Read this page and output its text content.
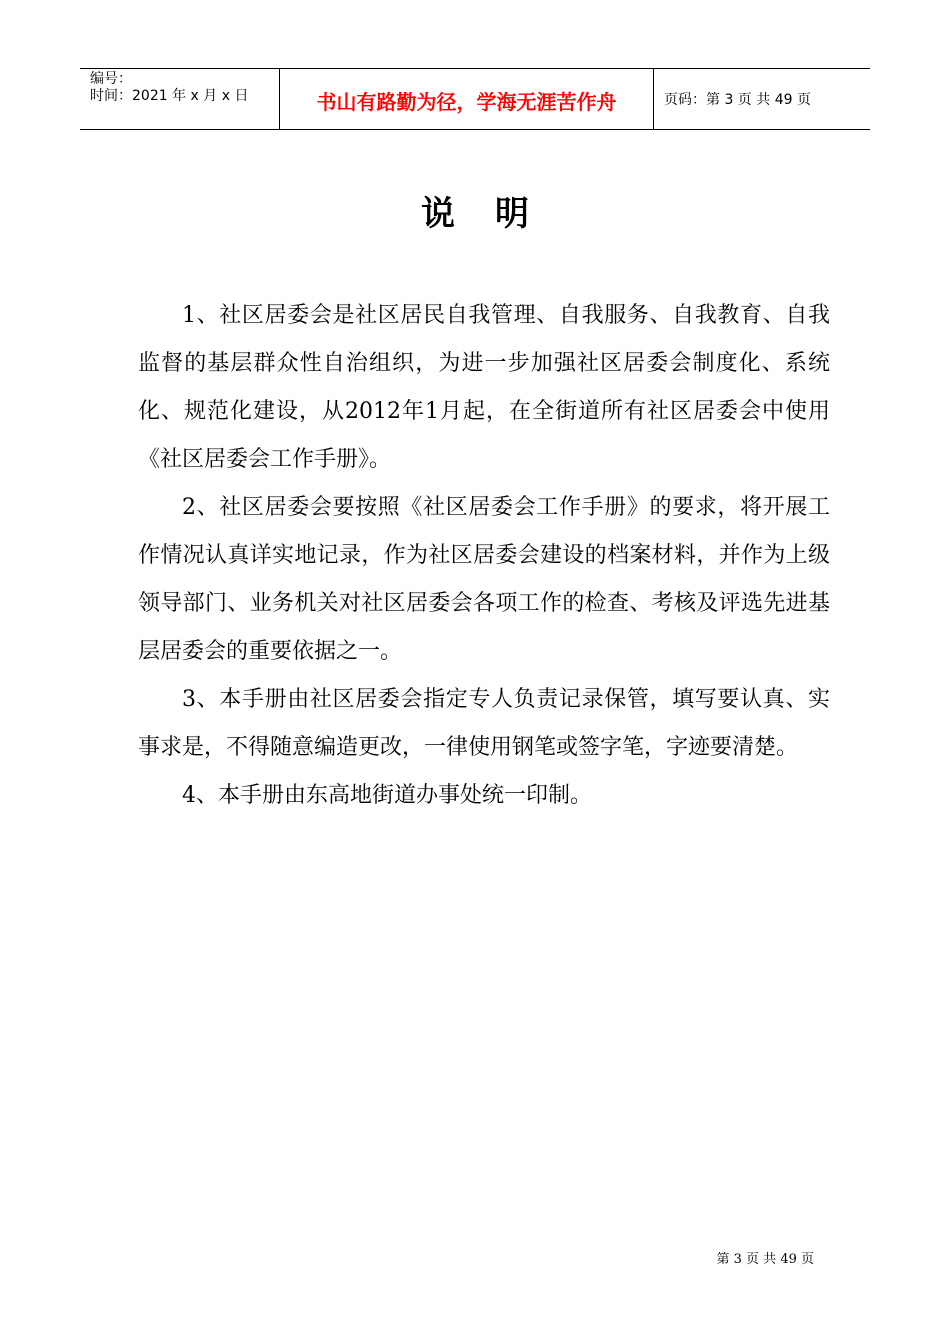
编号：
时间：2021 年 x 月 x 日	书山有路勤为径，学海无涯苦作舟	页码：第 3 页 共 49 页
说明

1、社区居委会是社区居民自我管理、自我服务、自我教育、自我监督的基层群众性自治组织，为进一步加强社区居委会制度化、系统化、规范化建设，从2012年1月起，在全街道所有社区居委会中使用《社区居委会工作手册》。

2、社区居委会要按照《社区居委会工作手册》的要求，将开展工作情况认真详实地记录，作为社区居委会建设的档案材料，并作为上级领导部门、业务机关对社区居委会各项工作的检查、考核及评选先进基层居委会的重要依据之一。

3、本手册由社区居委会指定专人负责记录保管，填写要认真、实事求是，不得随意编造更改，一律使用钢笔或签字笔，字迹要清楚。

4、本手册由东高地街道办事处统一印制。

第 3 页 共 49 页
